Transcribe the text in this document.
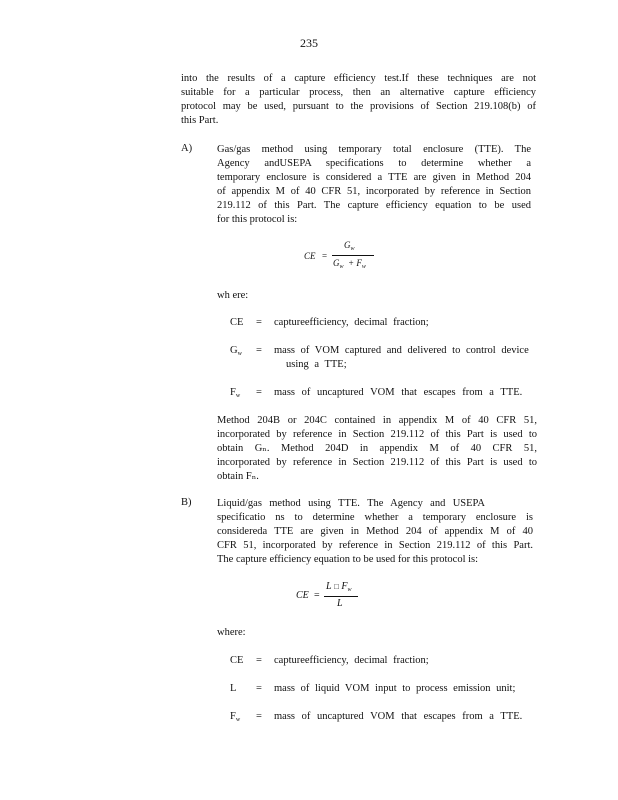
235
into the results of a capture efficiency test.If these techniques are not
suitable for a particular process, then an alternative capture efficiency
protocol may be used, pursuant to the provisions of Section 219.108(b) of
this Part.
A) Gas/gas method using temporary total enclosure (TTE). The
Agency andUSEPA specifications to determine whether a
temporary enclosure is considered a TTE are given in Method 204
of appendix M of 40 CFR 51, incorporated by reference in Section
219.112 of this Part. The capture efficiency equation to be used
for this protocol is:
CE =
$G_w$
$G_w + F_w$
wh ere:
CE = captureefficiency, decimal fraction;
$G_w$ = mass of VOM captured and delivered to control device
using a TTE;
$F_w$ = mass of uncaptured VOM that escapes from a TTE.
Method 204B or 204C contained in appendix M of 40 CFR 51,
incorporated by reference in Section 219.112 of this Part is used to
obtain Gₙ. Method 204D in appendix M of 40 CFR 51,
incorporated by reference in Section 219.112 of this Part is used to
obtain Fₙ.
B) Liquid/gas method using TTE. The Agency and USEPA
specificatio ns to determine whether a temporary enclosure is
considereda TTE are given in Method 204 of appendix M of 40
CFR 51, incorporated by reference in Section 219.112 of this Part.
The capture efficiency equation to be used for this protocol is:
CE =
L □ $F_w$
L
where:
CE = captureefficiency, decimal fraction;
L = mass of liquid VOM input to process emission unit;
$F_w$ = mass of uncaptured VOM that escapes from a TTE.
